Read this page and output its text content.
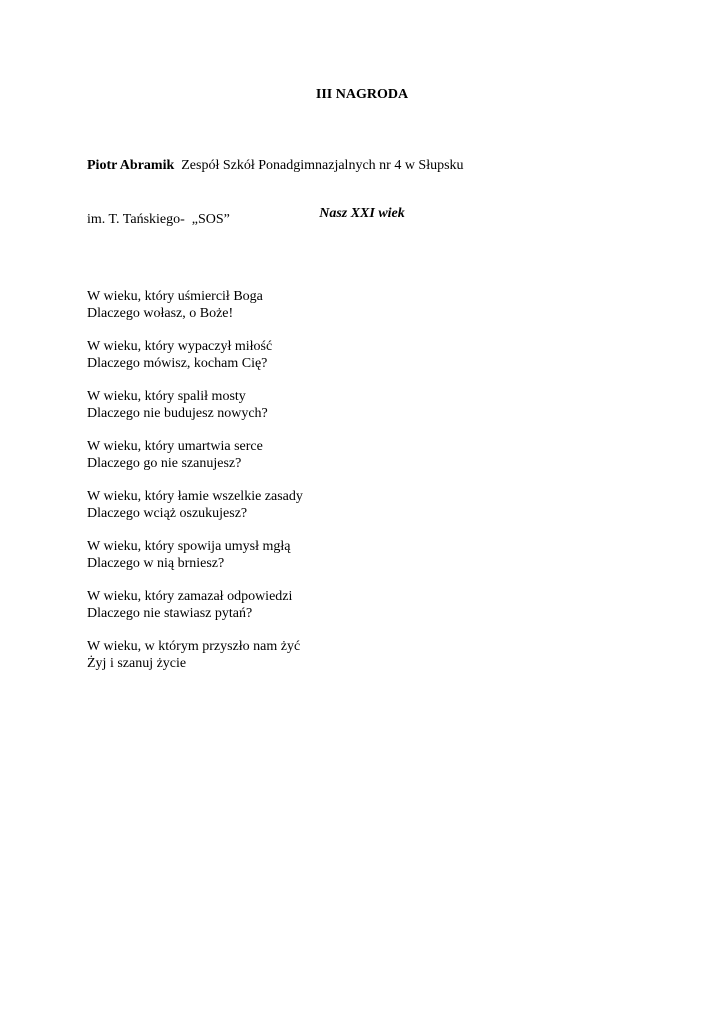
III NAGRODA

Piotr Abramik  Zespół Szkół Ponadgimnazjalnych nr 4 w Słupsku

im. T. Tańskiego-  „SOS”

	Nasz XXI wiek
W wieku, który uśmiercił Boga
Dlaczego wołasz, o Boże!
W wieku, który wypaczył miłość
Dlaczego mówisz, kocham Cię?
W wieku, który spalił mosty
Dlaczego nie budujesz nowych?
W wieku, który umartwia serce
Dlaczego go nie szanujesz?
W wieku, który łamie wszelkie zasady
Dlaczego wciąż oszukujesz?
W wieku, który spowija umysł mgłą
Dlaczego w nią brniesz?
W wieku, który zamazał odpowiedzi
Dlaczego nie stawiasz pytań?
W wieku, w którym przyszło nam żyć
Żyj i szanuj życie
